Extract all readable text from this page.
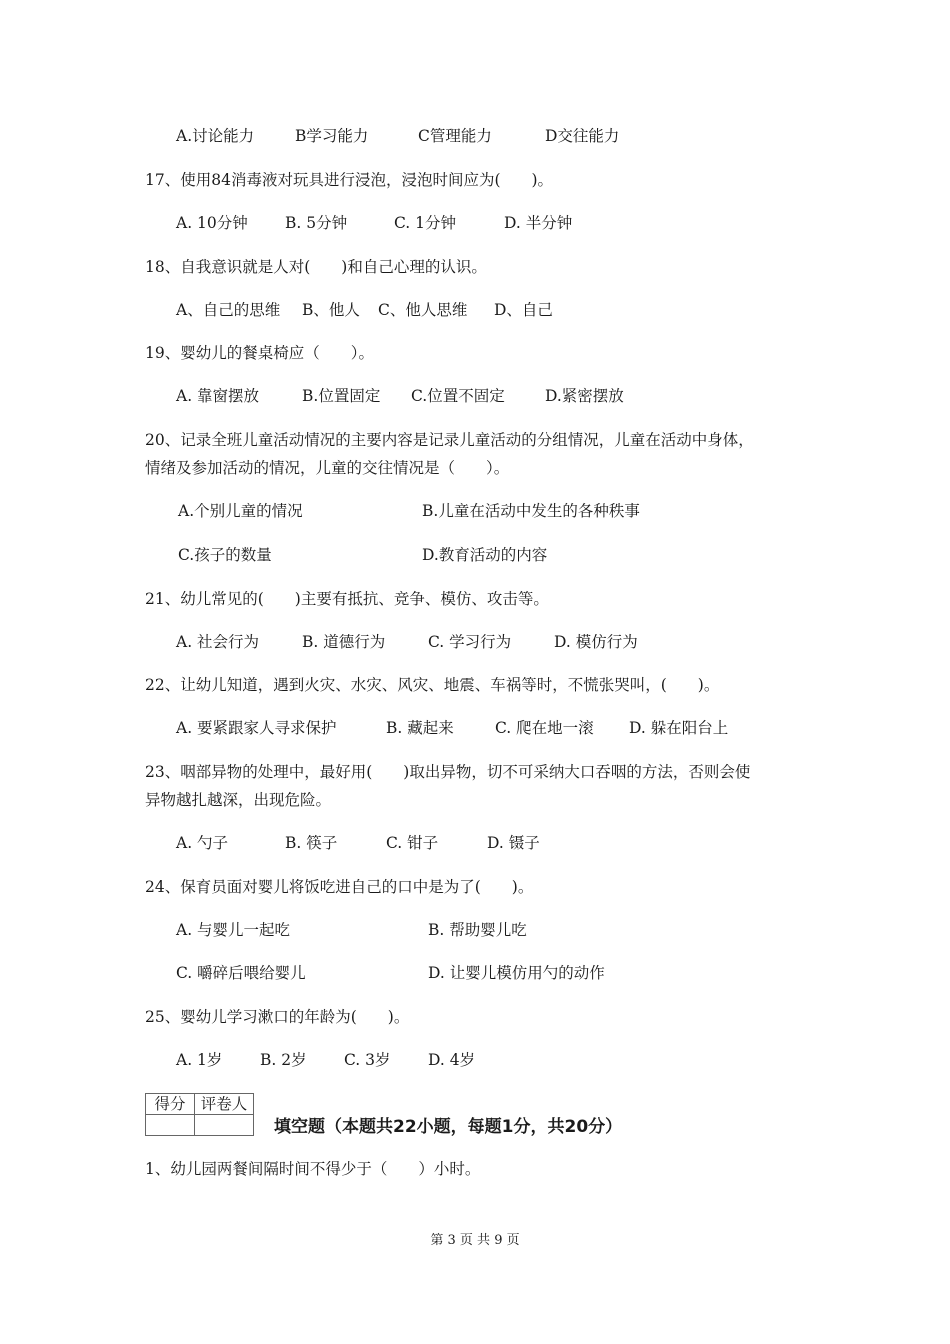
A.讨论能力	B学习能力	C管理能力	D交往能力
17、使用84消毒液对玩具进行浸泡，浸泡时间应为(　　)。
A. 10分钟 B. 5分钟	C. 1分钟	D. 半分钟
18、自我意识就是人对(　　)和自己心理的认识。
A、自己的思维 B、他人 C、他人思维 D、自己
19、婴幼儿的餐桌椅应（　　）。
A. 靠窗摆放	B.位置固定 C.位置不固定	D.紧密摆放
20、记录全班儿童活动情况的主要内容是记录儿童活动的分组情况，儿童在活动中身体，
情绪及参加活动的情况，儿童的交往情况是（　　）。
A.个别儿童的情况	B.儿童在活动中发生的各种秩事
C.孩子的数量	D.教育活动的内容
21、幼儿常见的(　　)主要有抵抗、竞争、模仿、攻击等。
A. 社会行为	B. 道德行为	C. 学习行为	D. 模仿行为
22、让幼儿知道，遇到火灾、水灾、风灾、地震、车祸等时，不慌张哭叫，(　　)。
A. 要紧跟家人寻求保护	B. 藏起来	C. 爬在地一滚 D. 躲在阳台上
23、咽部异物的处理中，最好用(　　)取出异物，切不可采纳大口吞咽的方法，否则会使
异物越扎越深，出现危险。
A. 勺子	B. 筷子	C. 钳子	D. 镊子
24、保育员面对婴儿将饭吃进自己的口中是为了(　　)。
A. 与婴儿一起吃	B. 帮助婴儿吃
C. 嚼碎后喂给婴儿	D. 让婴儿模仿用勺的动作
25、婴幼儿学习漱口的年龄为(　　)。
A. 1岁 B. 2岁 C. 3岁 D. 4岁
得分	评卷人

填空题（本题共22小题，每题1分，共20分）
1、幼儿园两餐间隔时间不得少于（　　）小时。
第 3 页 共 9 页
